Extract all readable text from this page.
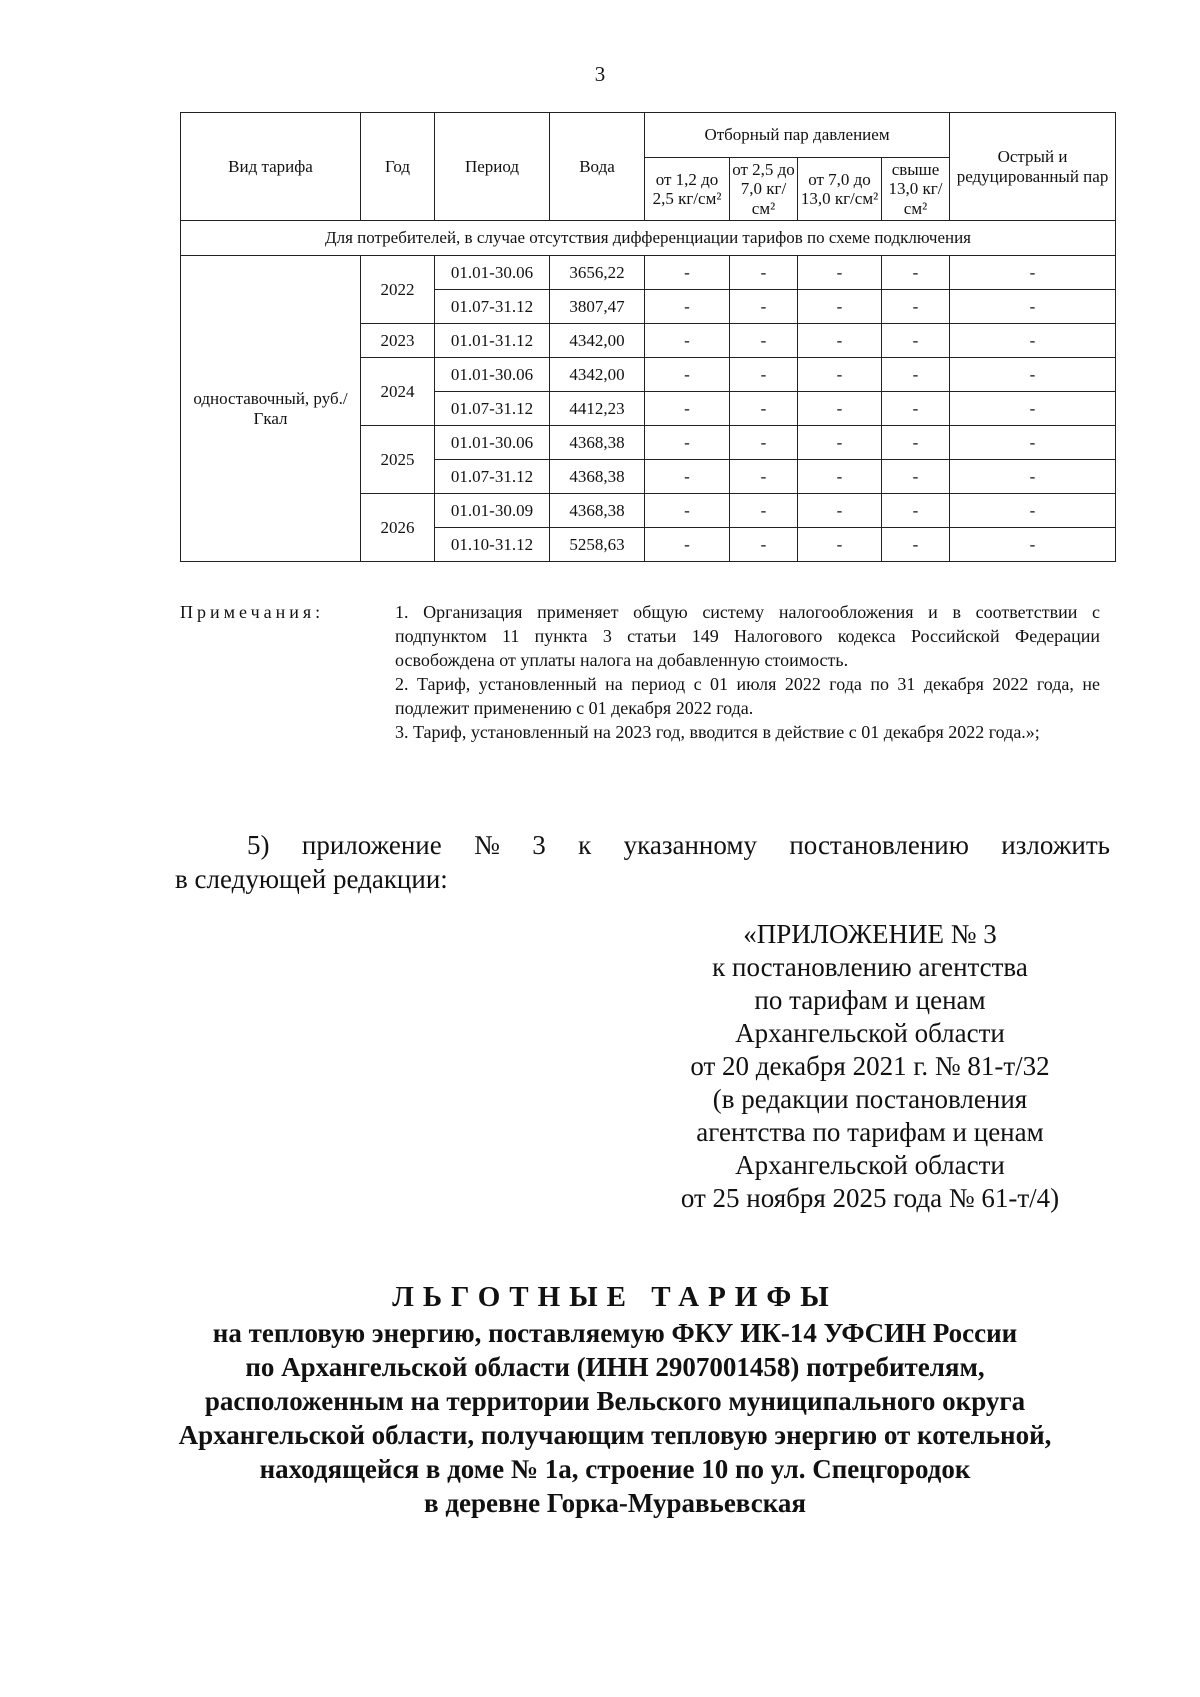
3
Вид тарифа	Год	Период	Вода	Отборный пар давлением				Острый и редуцированный пар
				от 1,2 до 2,5 кг/см²	от 2,5 до 7,0 кг/см²	от 7,0 до 13,0 кг/см²	свыше 13,0 кг/см²	
Для потребителей, в случае отсутствия дифференциации тарифов по схеме подключения								
одноставочный, руб./Гкал	2022	01.01-30.06	3656,22	-	-	-	-	-
		01.07-31.12	3807,47	-	-	-	-	-
	2023	01.01-31.12	4342,00	-	-	-	-	-
	2024	01.01-30.06	4342,00	-	-	-	-	-
		01.07-31.12	4412,23	-	-	-	-	-
	2025	01.01-30.06	4368,38	-	-	-	-	-
		01.07-31.12	4368,38	-	-	-	-	-
	2026	01.01-30.09	4368,38	-	-	-	-	-
		01.10-31.12	5258,63	-	-	-	-	-
Примечания:	1. Организация применяет общую систему налогообложения и в соответствии с подпунктом 11 пункта 3 статьи 149 Налогового кодекса Российской Федерации освобождена от уплаты налога на добавленную стоимость.

2. Тариф, установленный на период с 01 июля 2022 года по 31 декабря 2022 года, не подлежит применению с 01 декабря 2022 года.

3. Тариф, установленный на 2023 год, вводится в действие с 01 декабря 2022 года.»;

5) приложение № 3 к указанному постановлению изложить
в следующей редакции:
«ПРИЛОЖЕНИЕ № 3
к постановлению агентства
по тарифам и ценам
Архангельской области
от 20 декабря 2021 г. № 81-т/32
(в редакции постановления
агентства по тарифам и ценам
Архангельской области
от 25 ноября 2025 года № 61-т/4)
ЛЬГОТНЫЕ ТАРИФЫ
на тепловую энергию, поставляемую ФКУ ИК-14 УФСИН России
по Архангельской области (ИНН 2907001458) потребителям,
расположенным на территории Вельского муниципального округа
Архангельской области, получающим тепловую энергию от котельной,
находящейся в доме № 1а, строение 10 по ул. Спецгородок
в деревне Горка-Муравьевская
